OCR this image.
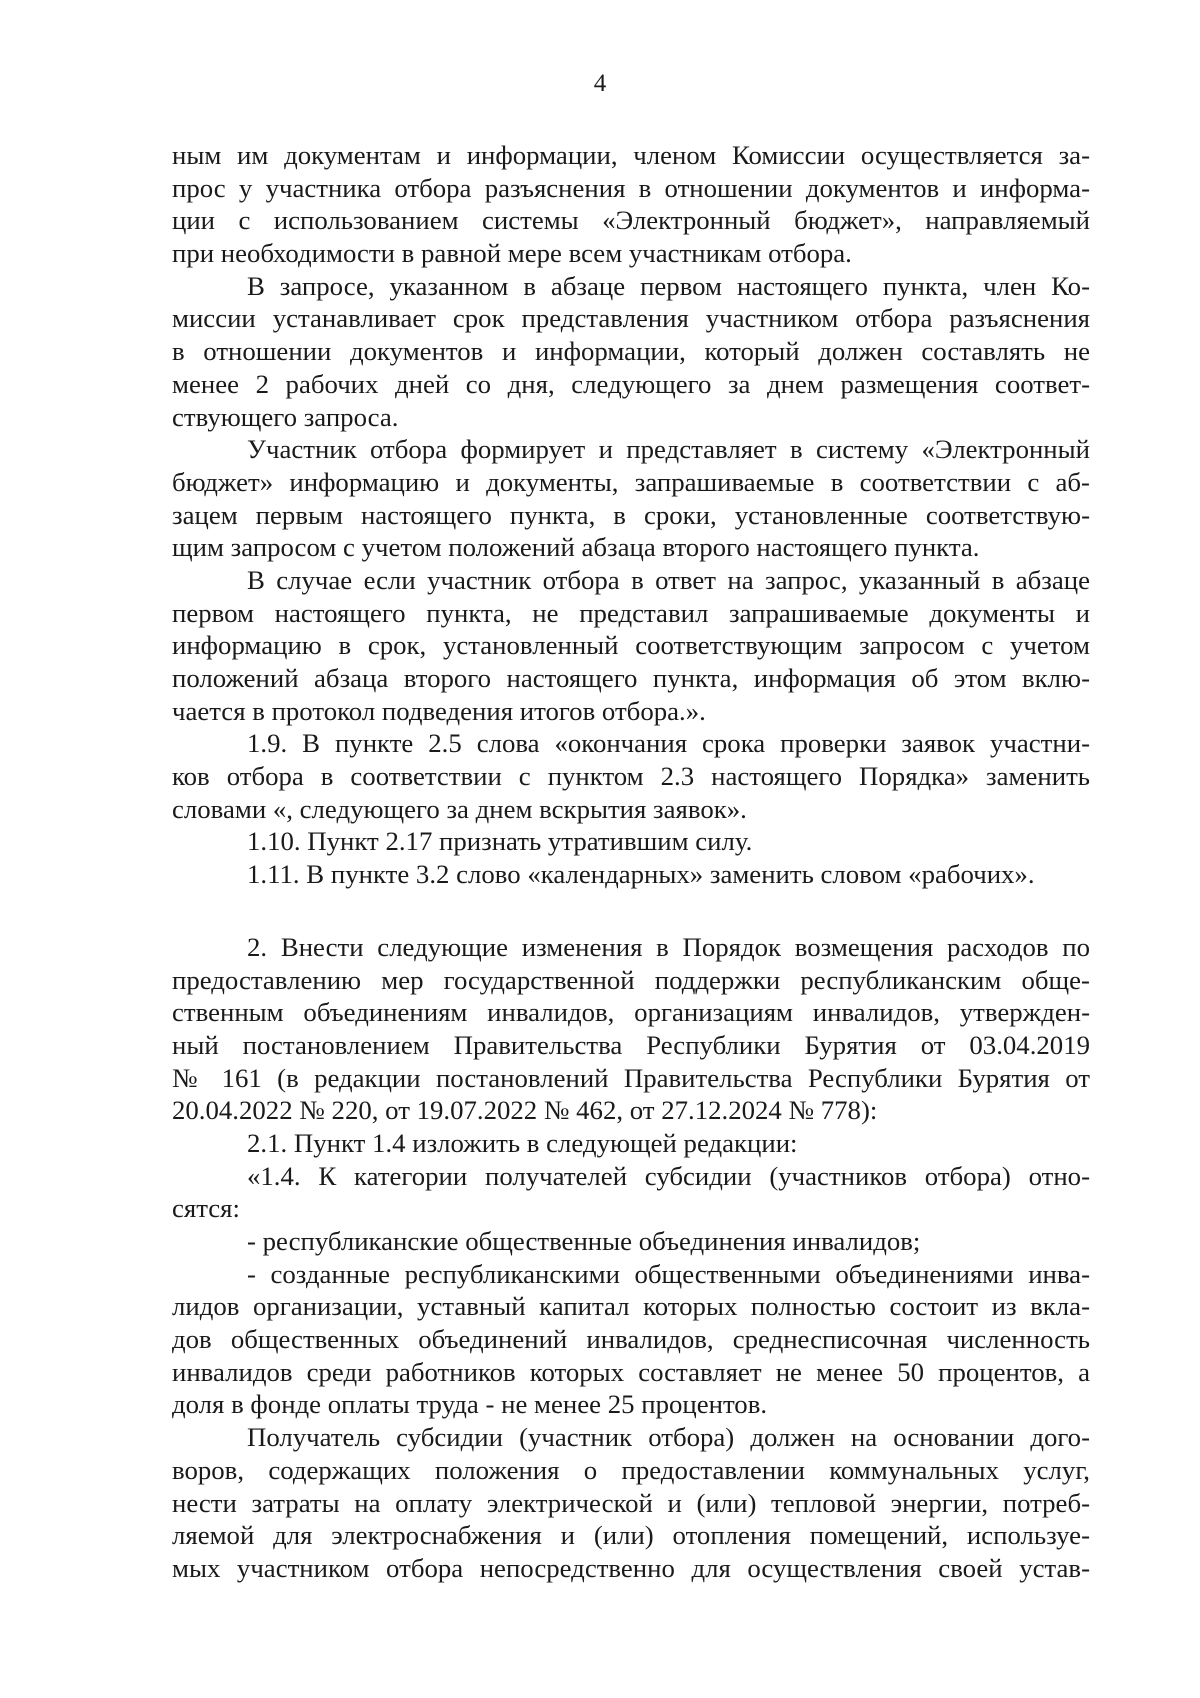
4
ным им документам и информации, членом Комиссии осуществляется за-
прос у участника отбора разъяснения в отношении документов и информа-
ции с использованием системы «Электронный бюджет», направляемый
при необходимости в равной мере всем участникам отбора.
В запросе, указанном в абзаце первом настоящего пункта, член Ко-
миссии устанавливает срок представления участником отбора разъяснения
в отношении документов и информации, который должен составлять не
менее 2 рабочих дней со дня, следующего за днем размещения соответ-
ствующего запроса.
Участник отбора формирует и представляет в систему «Электронный
бюджет» информацию и документы, запрашиваемые в соответствии с аб-
зацем первым настоящего пункта, в сроки, установленные соответствую-
щим запросом с учетом положений абзаца второго настоящего пункта.
В случае если участник отбора в ответ на запрос, указанный в абзаце
первом настоящего пункта, не представил запрашиваемые документы и
информацию в срок, установленный соответствующим запросом с учетом
положений абзаца второго настоящего пункта, информация об этом вклю-
чается в протокол подведения итогов отбора.».
1.9. В пункте 2.5 слова «окончания срока проверки заявок участни-
ков отбора в соответствии с пунктом 2.3 настоящего Порядка» заменить
словами «, следующего за днем вскрытия заявок».
1.10. Пункт 2.17 признать утратившим силу.
1.11. В пункте 3.2 слово «календарных» заменить словом «рабочих».
2. Внести следующие изменения в Порядок возмещения расходов по
предоставлению мер государственной поддержки республиканским обще-
ственным объединениям инвалидов, организациям инвалидов, утвержден-
ный постановлением Правительства Республики Бурятия от 03.04.2019
№ 161 (в редакции постановлений Правительства Республики Бурятия от
20.04.2022 № 220, от 19.07.2022 № 462, от 27.12.2024 № 778):
2.1. Пункт 1.4 изложить в следующей редакции:
«1.4. К категории получателей субсидии (участников отбора) отно-
сятся:
- республиканские общественные объединения инвалидов;
- созданные республиканскими общественными объединениями инва-
лидов организации, уставный капитал которых полностью состоит из вкла-
дов общественных объединений инвалидов, среднесписочная численность
инвалидов среди работников которых составляет не менее 50 процентов, а
доля в фонде оплаты труда - не менее 25 процентов.
Получатель субсидии (участник отбора) должен на основании дого-
воров, содержащих положения о предоставлении коммунальных услуг,
нести затраты на оплату электрической и (или) тепловой энергии, потреб-
ляемой для электроснабжения и (или) отопления помещений, используе-
мых участником отбора непосредственно для осуществления своей устав-
